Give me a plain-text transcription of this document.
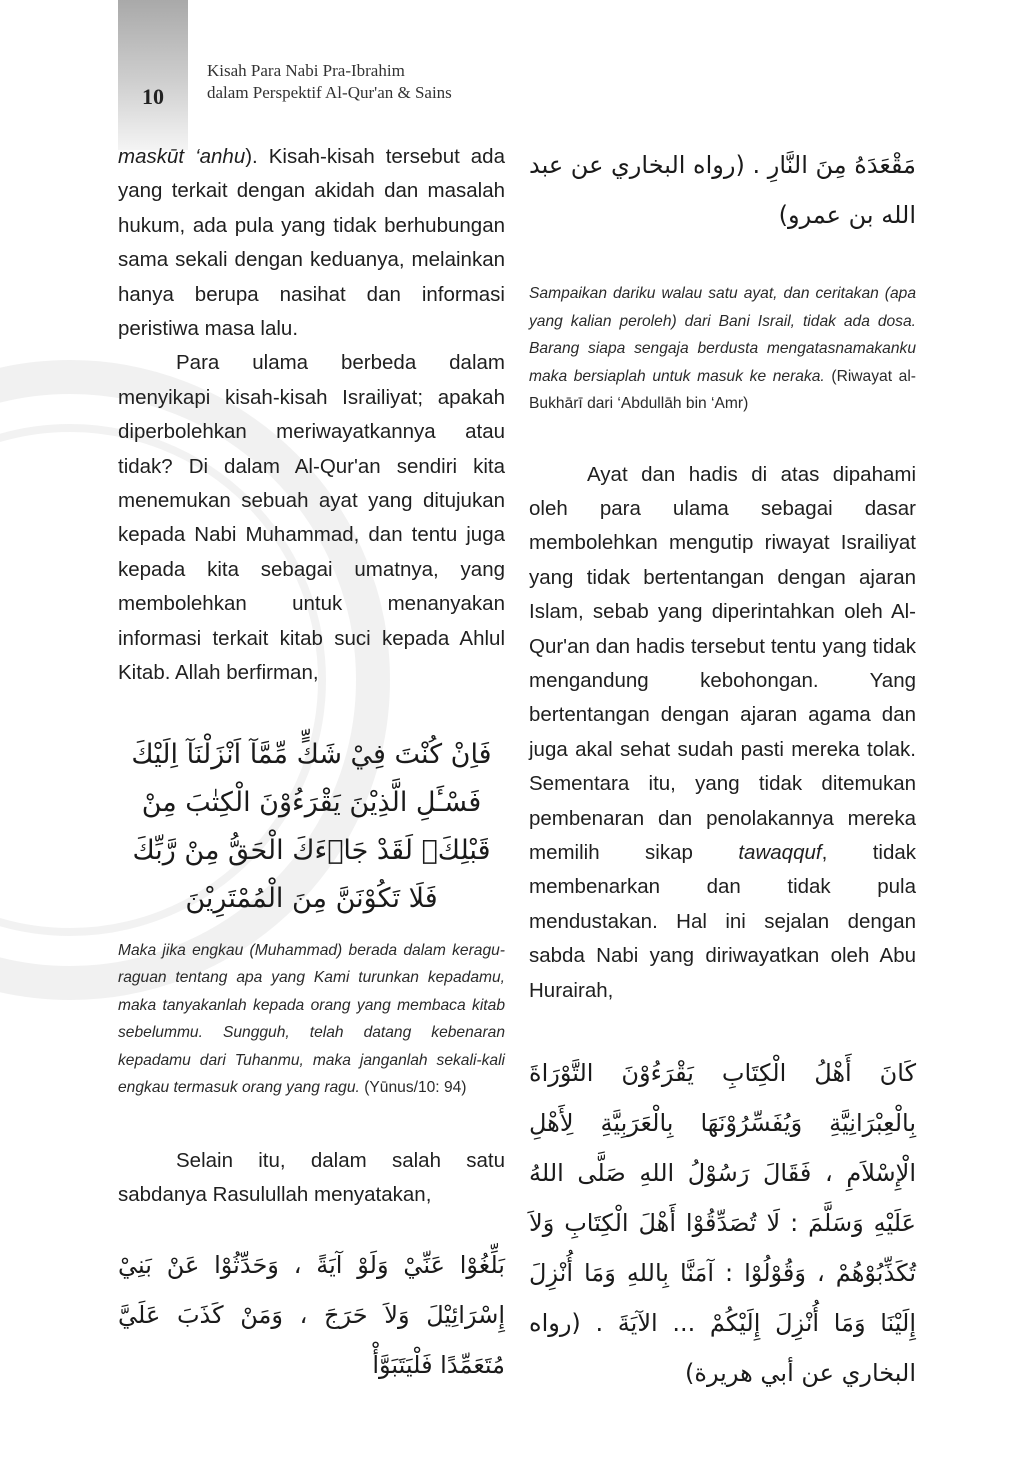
10
Kisah Para Nabi Pra-Ibrahim
dalam Perspektif Al-Qur'an & Sains

maskūt ‘anhu). Kisah-kisah tersebut ada yang terkait dengan akidah dan masalah hukum, ada pula yang tidak berhubungan sama sekali dengan keduanya, melainkan hanya berupa nasihat dan informasi peristiwa masa lalu.

Para ulama berbeda dalam menyikapi kisah-kisah Israiliyat; apakah diperbolehkan meriwayatkannya atau tidak? Di dalam Al-Qur'an sendiri kita menemukan sebuah ayat yang ditujukan kepada Nabi Muhammad, dan tentu juga kepada kita sebagai umatnya, yang membolehkan untuk menanyakan informasi terkait kitab suci kepada Ahlul Kitab. Allah berfirman,

فَاِنْ كُنْتَ فِيْ شَكٍّ مِّمَّآ اَنْزَلْنَآ اِلَيْكَ فَسْـَٔلِ الَّذِيْنَ يَقْرَءُوْنَ الْكِتٰبَ مِنْ قَبْلِكَۚ لَقَدْ جَاۤءَكَ الْحَقُّ مِنْ رَّبِّكَ فَلَا تَكُوْنَنَّ مِنَ الْمُمْتَرِيْنَ

Maka jika engkau (Muhammad) berada dalam keragu-raguan tentang apa yang Kami turunkan kepadamu, maka tanyakanlah kepada orang yang membaca kitab sebelummu. Sungguh, telah datang kebenaran kepadamu dari Tuhanmu, maka janganlah sekali-kali engkau termasuk orang yang ragu. (Yūnus/10: 94)

Selain itu, dalam salah satu sabdanya Rasulullah menyatakan,

بَلِّغُوْا عَنِّيْ وَلَوْ آيَةً ، وَحَدِّثُوْا عَنْ بَنِيْ إِسْرَائِيْلَ وَلاَ حَرَجَ ، وَمَنْ كَذَبَ عَلَيَّ مُتَعَمِّدًا فَلْيَتَبَوَّأْ

مَقْعَدَهُ مِنَ النَّارِ . (رواه البخاري عن عبد الله بن عمرو)

Sampaikan dariku walau satu ayat, dan ceritakan (apa yang kalian peroleh) dari Bani Israil, tidak ada dosa. Barang siapa sengaja berdusta mengatasnamakanku maka bersiaplah untuk masuk ke neraka. (Riwayat al-Bukhārī dari ‘Abdullāh bin ‘Amr)

Ayat dan hadis di atas dipahami oleh para ulama sebagai dasar membolehkan mengutip riwayat Israiliyat yang tidak bertentangan dengan ajaran Islam, sebab yang diperintahkan oleh Al-Qur'an dan hadis tersebut tentu yang tidak mengandung kebohongan. Yang bertentangan dengan ajaran agama dan juga akal sehat sudah pasti mereka tolak. Sementara itu, yang tidak ditemukan pembenaran dan penolakannya mereka memilih sikap tawaqquf, tidak membenarkan dan tidak pula mendustakan. Hal ini sejalan dengan sabda Nabi yang diriwayatkan oleh Abu Hurairah,

كَانَ أَهْلُ الْكِتَابِ يَقْرَءُوْنَ التَّوْرَاةَ بِالْعِبْرَانِيَّةِ وَيُفَسِّرُوْنَهَا بِالْعَرَبِيَّةِ لِأَهْلِ الْإِسْلاَمِ ، فَقَالَ رَسُوْلُ اللهِ صَلَّى اللهُ عَلَيْهِ وَسَلَّمَ : لَا تُصَدِّقُوْا أَهْلَ الْكِتَابِ وَلاَ تُكَذِّبُوْهُمْ ، وَقُوْلُوْا : آمَنَّا بِاللهِ وَمَا أُنْزِلَ إِلَيْنَا وَمَا أُنْزِلَ إِلَيْكُمْ ... الآيَةَ . (رواه البخاري عن أبي هريرة)
